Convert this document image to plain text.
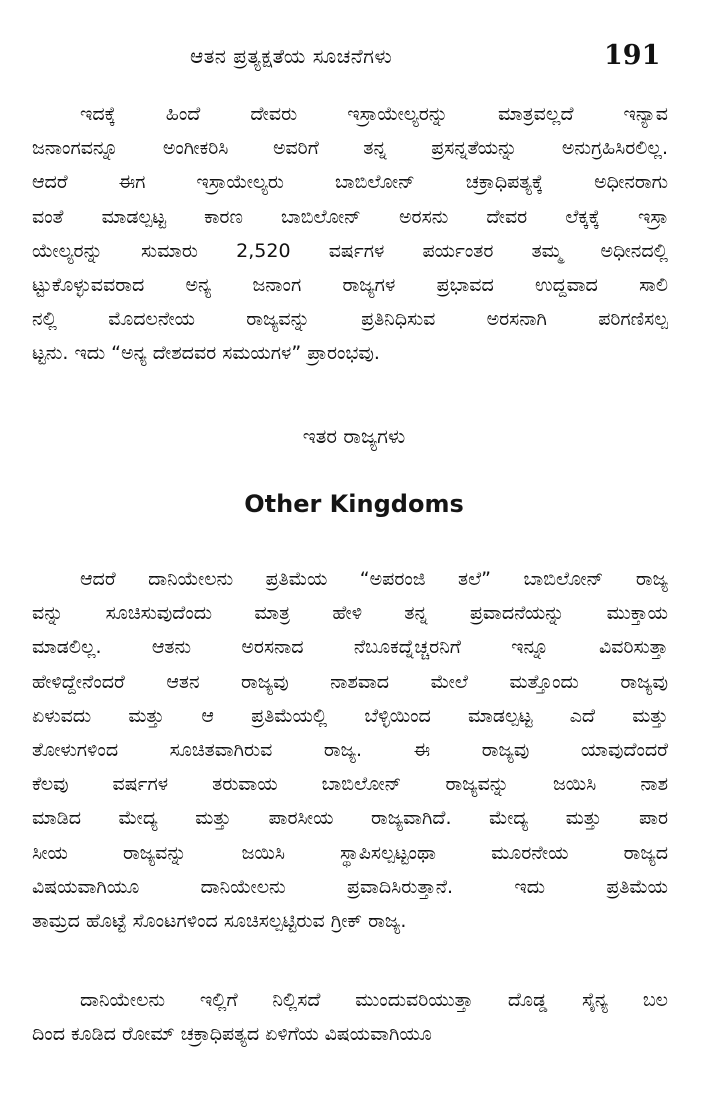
ಆತನ ಪ್ರತ್ಯಕ್ಷತೆಯ ಸೂಚನೆಗಳು	191
ಇದಕ್ಕೆ ಹಿಂದೆ ದೇವರು ಇಸ್ರಾಯೇಲ್ಯರನ್ನು ಮಾತ್ರವಲ್ಲದೆ ಇನ್ಯಾವ
ಜನಾಂಗವನ್ನೂ ಅಂಗೀಕರಿಸಿ ಅವರಿಗೆ ತನ್ನ ಪ್ರಸನ್ನತೆಯನ್ನು ಅನುಗ್ರಹಿಸಿರಲಿಲ್ಲ.
ಆದರೆ ಈಗ ಇಸ್ರಾಯೇಲ್ಯರು ಬಾಬಿಲೋನ್ ಚಕ್ರಾಧಿಪತ್ಯಕ್ಕೆ ಅಧೀನರಾಗು
ವಂತೆ ಮಾಡಲ್ಪಟ್ಟ ಕಾರಣ ಬಾಬಿಲೋನ್ ಅರಸನು ದೇವರ ಲೆಕ್ಕಕ್ಕೆ ಇಸ್ರಾ
ಯೇಲ್ಯರನ್ನು ಸುಮಾರು 2,520 ವರ್ಷಗಳ ಪರ್ಯಂತರ ತಮ್ಮ ಅಧೀನದಲ್ಲಿ
ಟ್ಟುಕೊಳ್ಳುವವರಾದ ಅನ್ಯ ಜನಾಂಗ ರಾಜ್ಯಗಳ ಪ್ರಭಾವದ ಉದ್ದವಾದ ಸಾಲಿ
ನಲ್ಲಿ ಮೊದಲನೇಯ ರಾಜ್ಯವನ್ನು ಪ್ರತಿನಿಧಿಸುವ ಅರಸನಾಗಿ ಪರಿಗಣಿಸಲ್ಪ
ಟ್ಟನು. ಇದು “ಅನ್ಯ ದೇಶದವರ ಸಮಯಗಳ” ಪ್ರಾರಂಭವು.
ಇತರ ರಾಜ್ಯಗಳು
Other Kingdoms
ಆದರೆ ದಾನಿಯೇಲನು ಪ್ರತಿಮೆಯ “ಅಪರಂಜಿ ತಲೆ” ಬಾಬಿಲೋನ್ ರಾಜ್ಯ
ವನ್ನು ಸೂಚಿಸುವುದೆಂದು ಮಾತ್ರ ಹೇಳಿ ತನ್ನ ಪ್ರವಾದನೆಯನ್ನು ಮುಕ್ತಾಯ
ಮಾಡಲಿಲ್ಲ. ಆತನು ಅರಸನಾದ ನೆಬೂಕದ್ನೆಚ್ಚರನಿಗೆ ಇನ್ನೂ ವಿವರಿಸುತ್ತಾ
ಹೇಳಿದ್ದೇನೆಂದರೆ ಆತನ ರಾಜ್ಯವು ನಾಶವಾದ ಮೇಲೆ ಮತ್ತೊಂದು ರಾಜ್ಯವು
ಏಳುವದು ಮತ್ತು ಆ ಪ್ರತಿಮೆಯಲ್ಲಿ ಬೆಳ್ಳಿಯಿಂದ ಮಾಡಲ್ಪಟ್ಟ ಎದೆ ಮತ್ತು
ತೋಳುಗಳಿಂದ ಸೂಚಿತವಾಗಿರುವ ರಾಜ್ಯ. ಈ ರಾಜ್ಯವು ಯಾವುದೆಂದರೆ
ಕೆಲವು ವರ್ಷಗಳ ತರುವಾಯ ಬಾಬಿಲೋನ್ ರಾಜ್ಯವನ್ನು ಜಯಿಸಿ ನಾಶ
ಮಾಡಿದ ಮೇದ್ಯ ಮತ್ತು ಪಾರಸೀಯ ರಾಜ್ಯವಾಗಿದೆ. ಮೇದ್ಯ ಮತ್ತು ಪಾರ
ಸೀಯ ರಾಜ್ಯವನ್ನು ಜಯಿಸಿ ಸ್ಥಾಪಿಸಲ್ಪಟ್ಟಂಥಾ ಮೂರನೇಯ ರಾಜ್ಯದ
ವಿಷಯವಾಗಿಯೂ ದಾನಿಯೇಲನು ಪ್ರವಾದಿಸಿರುತ್ತಾನೆ. ಇದು ಪ್ರತಿಮೆಯ
ತಾಮ್ರದ ಹೊಟ್ಟೆ ಸೊಂಟಗಳಿಂದ ಸೂಚಿಸಲ್ಪಟ್ಟಿರುವ ಗ್ರೀಕ್ ರಾಜ್ಯ.
ದಾನಿಯೇಲನು ಇಲ್ಲಿಗೆ ನಿಲ್ಲಿಸದೆ ಮುಂದುವರಿಯುತ್ತಾ ದೊಡ್ಡ ಸೈನ್ಯ ಬಲ
ದಿಂದ ಕೂಡಿದ ರೋಮ್ ಚಕ್ರಾಧಿಪತ್ಯದ ಏಳಿಗೆಯ ವಿಷಯವಾಗಿಯೂ
